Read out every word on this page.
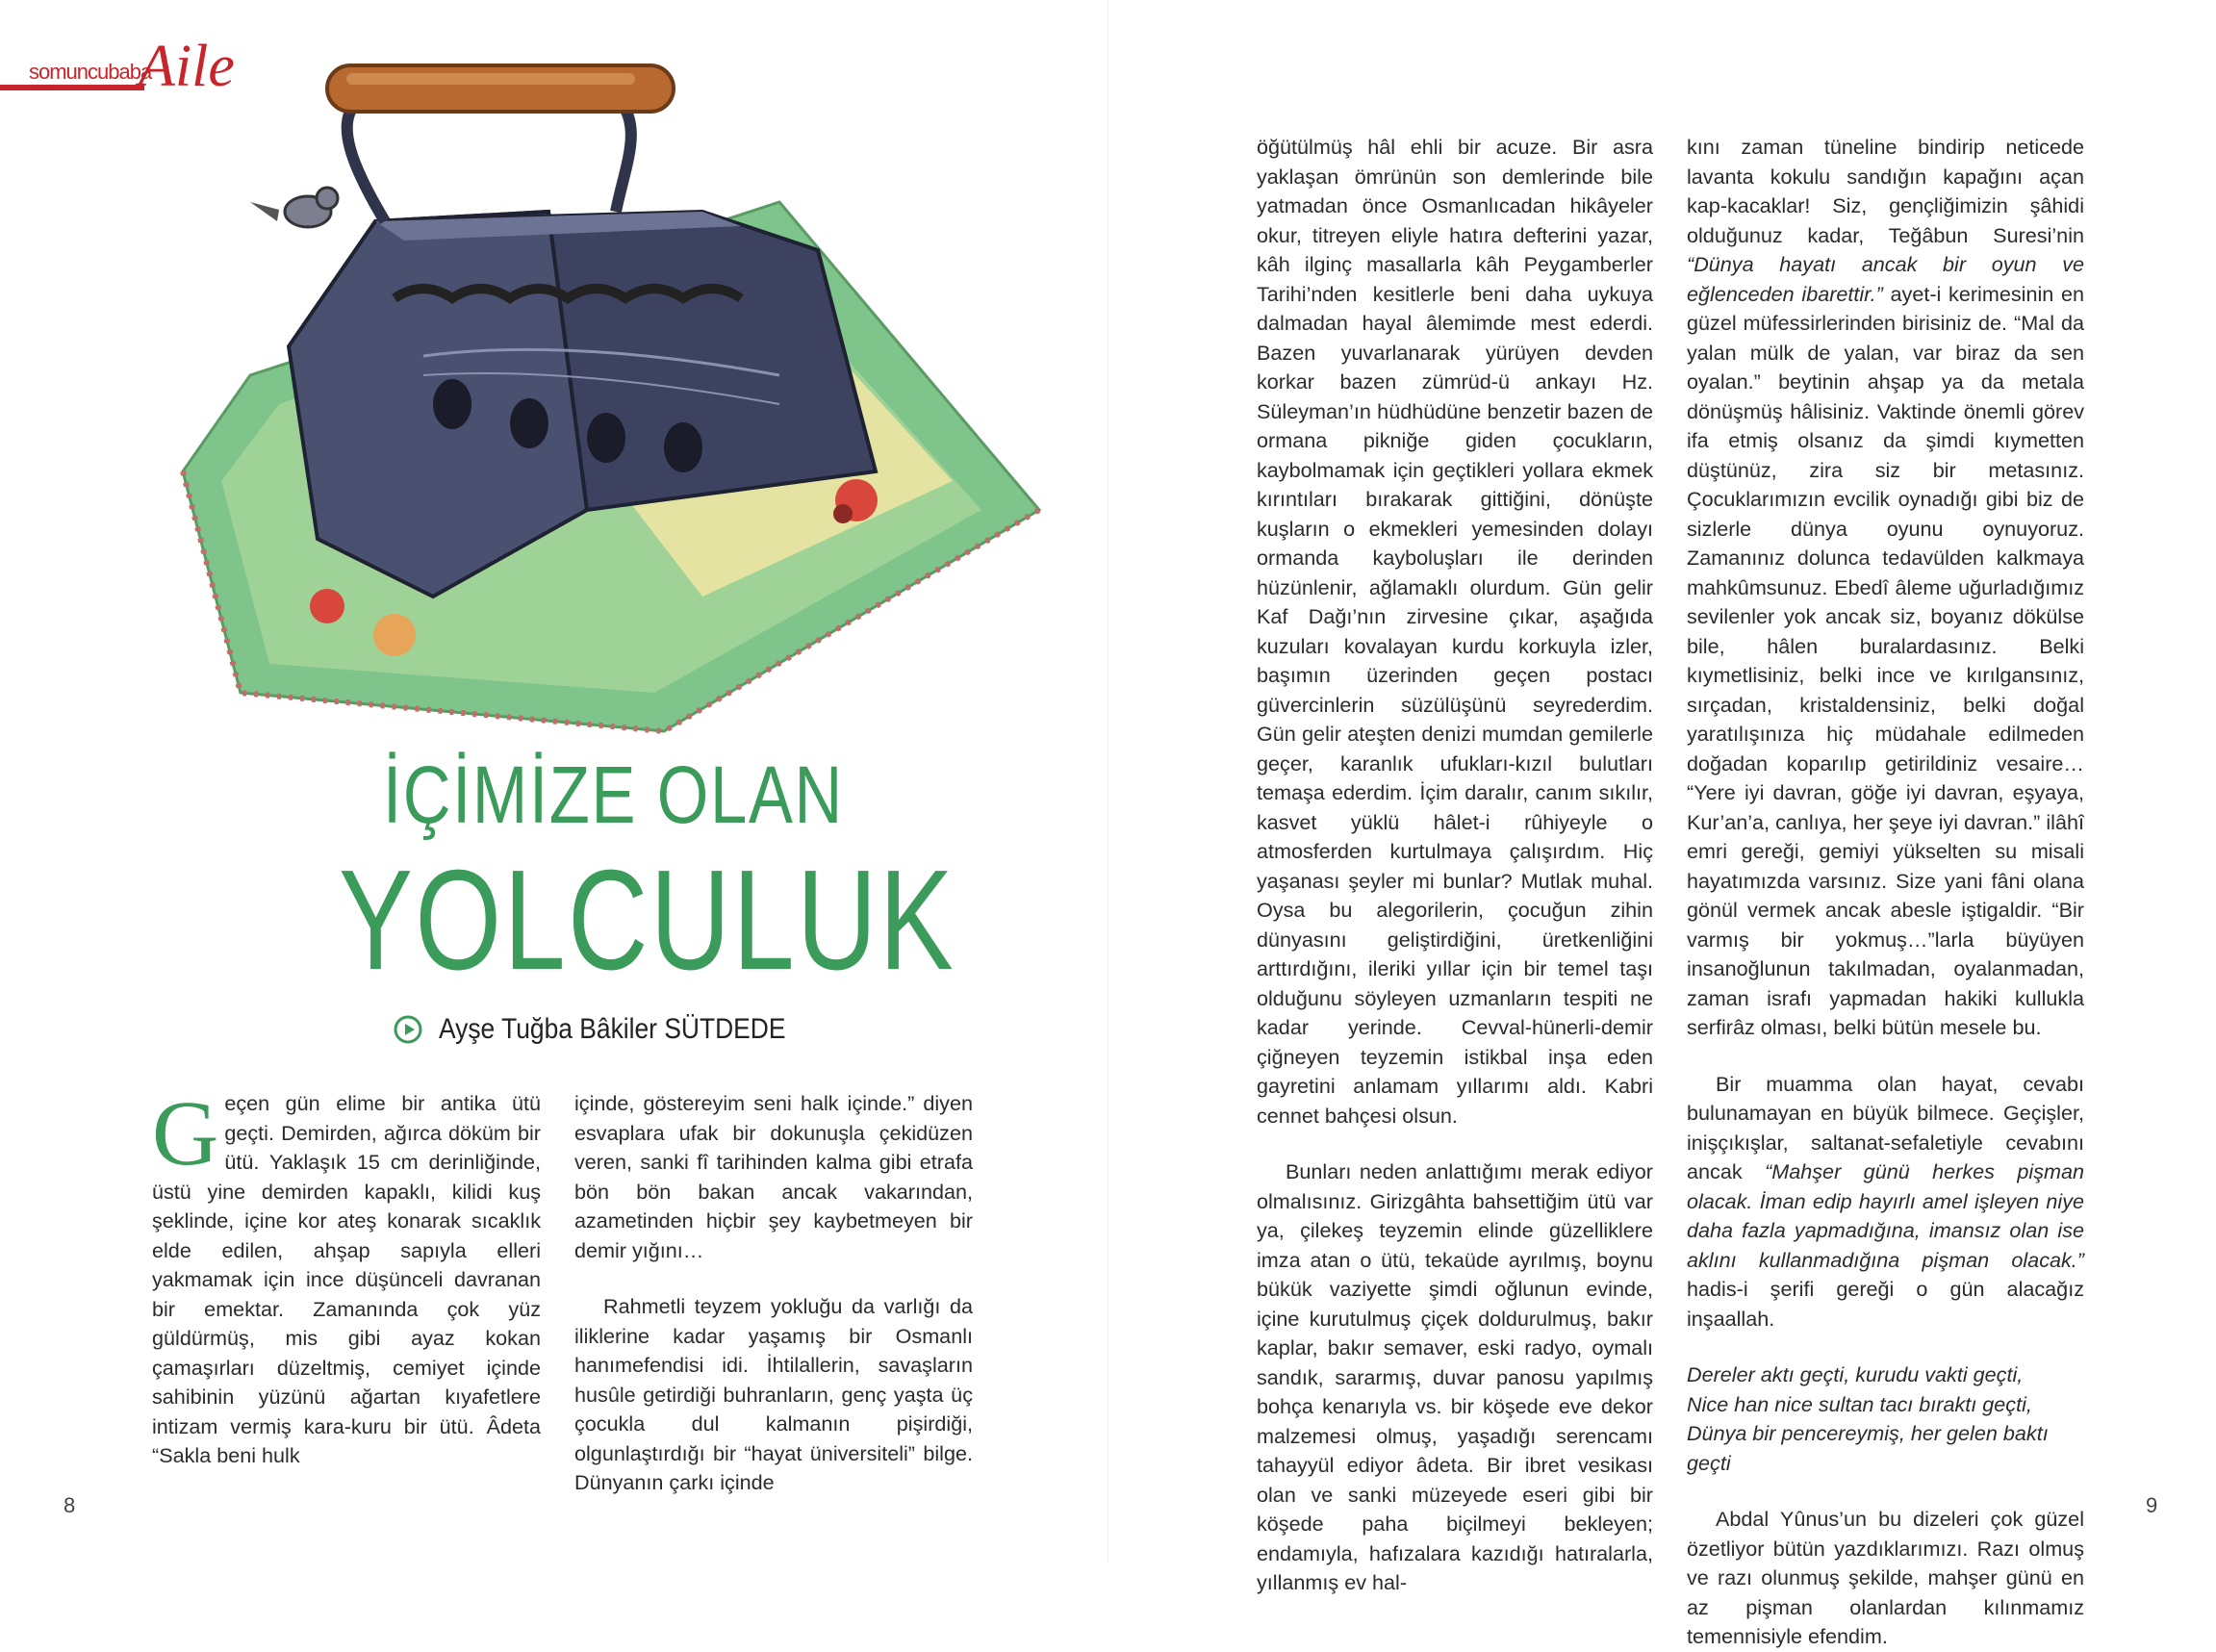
somuncubaba
Aile
İÇİMİZE OLAN
YOLCULUK
Ayşe Tuğba Bâkiler SÜTDEDE

Geçen gün elime bir antika ütü geçti. Demirden, ağırca döküm bir ütü. Yaklaşık 15 cm derinliğinde, üstü yine demirden kapaklı, kilidi kuş şeklinde, içine kor ateş konarak sıcaklık elde edilen, ahşap sapıyla elleri yakmamak için ince düşünceli davranan bir emektar. Zamanında çok yüz güldürmüş, mis gibi ayaz kokan çamaşırları düzeltmiş, cemiyet içinde sahibinin yüzünü ağartan kıyafetlere intizam vermiş kara-kuru bir ütü. Âdeta “Sakla beni hulk

içinde, göstereyim seni halk içinde.” diyen esvaplara ufak bir dokunuşla çekidüzen veren, sanki fî tarihinden kalma gibi etrafa bön bön bakan ancak vakarından, azametinden hiçbir şey kaybetmeyen bir demir yığını…

Rahmetli teyzem yokluğu da varlığı da iliklerine kadar yaşamış bir Osmanlı hanımefendisi idi. İhtilallerin, savaşların husûle getirdiği buhranların, genç yaşta üç çocukla dul kalmanın pişirdiği, olgunlaştırdığı bir “hayat üniversiteli” bilge. Dünyanın çarkı içinde

öğütülmüş hâl ehli bir acuze. Bir asra yaklaşan ömrünün son demlerinde bile yatmadan önce Osmanlıcadan hikâyeler okur, titreyen eliyle hatıra defterini yazar, kâh ilginç masallarla kâh Peygamberler Tarihi’nden kesitlerle beni daha uykuya dalmadan hayal âlemimde mest ederdi. Bazen yuvarlanarak yürüyen devden korkar bazen zümrüd-ü ankayı Hz. Süleyman’ın hüdhüdüne benzetir bazen de ormana pikniğe giden çocukların, kaybolmamak için geçtikleri yollara ekmek kırıntıları bırakarak gittiğini, dönüşte kuşların o ekmekleri yemesinden dolayı ormanda kayboluşları ile derinden hüzünlenir, ağlamaklı olurdum. Gün gelir Kaf Dağı’nın zirvesine çıkar, aşağıda kuzuları kovalayan kurdu korkuyla izler, başımın üzerinden geçen postacı güvercinlerin süzülüşünü seyrederdim. Gün gelir ateşten denizi mumdan gemilerle geçer, karanlık ufukları-kızıl bulutları temaşa ederdim. İçim daralır, canım sıkılır, kasvet yüklü hâlet-i rûhiyeyle o atmosferden kurtulmaya çalışırdım. Hiç yaşanası şeyler mi bunlar? Mutlak muhal. Oysa bu alegorilerin, çocuğun zihin dünyasını geliştirdiğini, üretkenliğini arttırdığını, ileriki yıllar için bir temel taşı olduğunu söyleyen uzmanların tespiti ne kadar yerinde. Cevval-hünerli-demir çiğneyen teyzemin istikbal inşa eden gayretini anlamam yıllarımı aldı. Kabri cennet bahçesi olsun.

Bunları neden anlattığımı merak ediyor olmalısınız. Girizgâhta bahsettiğim ütü var ya, çilekeş teyzemin elinde güzelliklere imza atan o ütü, tekaüde ayrılmış, boynu bükük vaziyette şimdi oğlunun evinde, içine kurutulmuş çiçek doldurulmuş, bakır kaplar, bakır semaver, eski radyo, oymalı sandık, sararmış, duvar panosu yapılmış bohça kenarıyla vs. bir köşede eve dekor malzemesi olmuş, yaşadığı serencamı tahayyül ediyor âdeta. Bir ibret vesikası olan ve sanki müzeyede eseri gibi bir köşede paha biçilmeyi bekleyen; endamıyla, hafızalara kazıdığı hatıralarla, yıllanmış ev hal-

kını zaman tüneline bindirip neticede lavanta kokulu sandığın kapağını açan kap-kacaklar! Siz, gençliğimizin şâhidi olduğunuz kadar, Teğâbun Suresi’nin “Dünya hayatı ancak bir oyun ve eğlenceden ibarettir.” ayet-i kerimesinin en güzel müfessirlerinden birisiniz de. “Mal da yalan mülk de yalan, var biraz da sen oyalan.” beytinin ahşap ya da metala dönüşmüş hâlisiniz. Vaktinde önemli görev ifa etmiş olsanız da şimdi kıymetten düştünüz, zira siz bir metasınız. Çocuklarımızın evcilik oynadığı gibi biz de sizlerle dünya oyunu oynuyoruz. Zamanınız dolunca tedavülden kalkmaya mahkûmsunuz. Ebedî âleme uğurladığımız sevilenler yok ancak siz, boyanız dökülse bile, hâlen buralardasınız. Belki kıymetlisiniz, belki ince ve kırılgansınız, sırçadan, kristaldensiniz, belki doğal yaratılışınıza hiç müdahale edilmeden doğadan koparılıp getirildiniz vesaire… “Yere iyi davran, göğe iyi davran, eşyaya, Kur’an’a, canlıya, her şeye iyi davran.” ilâhî emri gereği, gemiyi yükselten su misali hayatımızda varsınız. Size yani fâni olana gönül vermek ancak abesle iştigaldir. “Bir varmış bir yokmuş…”larla büyüyen insanoğlunun takılmadan, oyalanmadan, zaman israfı yapmadan hakiki kullukla serfirâz olması, belki bütün mesele bu.

Bir muamma olan hayat, cevabı bulunamayan en büyük bilmece. Geçişler, inişçıkışlar, saltanat-sefaletiyle cevabını ancak “Mahşer günü herkes pişman olacak. İman edip hayırlı amel işleyen niye daha fazla yapmadığına, imansız olan ise aklını kullanmadığına pişman olacak.” hadis-i şerifi gereği o gün alacağız inşaallah.

Dereler aktı geçti, kurudu vakti geçti,

Nice han nice sultan tacı bıraktı geçti,

Dünya bir pencereymiş, her gelen baktı geçti

Abdal Yûnus’un bu dizeleri çok güzel özetliyor bütün yazdıklarımızı. Razı olmuş ve razı olunmuş şekilde, mahşer günü en az pişman olanlardan kılınmamız temennisiyle efendim.

8	9
